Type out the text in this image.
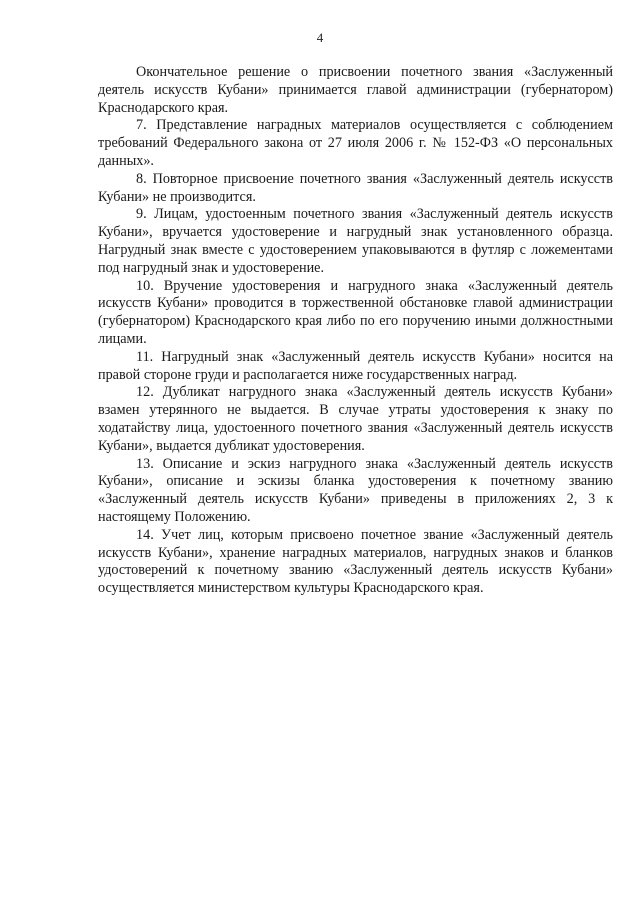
4

Окончательное решение о присвоении почетного звания «Заслуженный деятель искусств Кубани» принимается главой администрации (губернатором) Краснодарского края.

7. Представление наградных материалов осуществляется с соблюдением требований Федерального закона от 27 июля 2006 г. № 152-ФЗ «О персональных данных».

8. Повторное присвоение почетного звания «Заслуженный деятель искусств Кубани» не производится.

9. Лицам, удостоенным почетного звания «Заслуженный деятель искусств Кубани», вручается удостоверение и нагрудный знак установленного образца. Нагрудный знак вместе с удостоверением упаковываются в футляр с ложементами под нагрудный знак и удостоверение.

10. Вручение удостоверения и нагрудного знака «Заслуженный деятель искусств Кубани» проводится в торжественной обстановке главой администрации (губернатором) Краснодарского края либо по его поручению иными должностными лицами.

11. Нагрудный знак «Заслуженный деятель искусств Кубани» носится на правой стороне груди и располагается ниже государственных наград.

12. Дубликат нагрудного знака «Заслуженный деятель искусств Кубани» взамен утерянного не выдается. В случае утраты удостоверения к знаку по ходатайству лица, удостоенного почетного звания «Заслуженный деятель искусств Кубани», выдается дубликат удостоверения.

13. Описание и эскиз нагрудного знака «Заслуженный деятель искусств Кубани», описание и эскизы бланка удостоверения к почетному званию «Заслуженный деятель искусств Кубани» приведены в приложениях 2, 3 к настоящему Положению.

14. Учет лиц, которым присвоено почетное звание «Заслуженный деятель искусств Кубани», хранение наградных материалов, нагрудных знаков и бланков удостоверений к почетному званию «Заслуженный деятель искусств Кубани» осуществляется министерством культуры Краснодарского края.
